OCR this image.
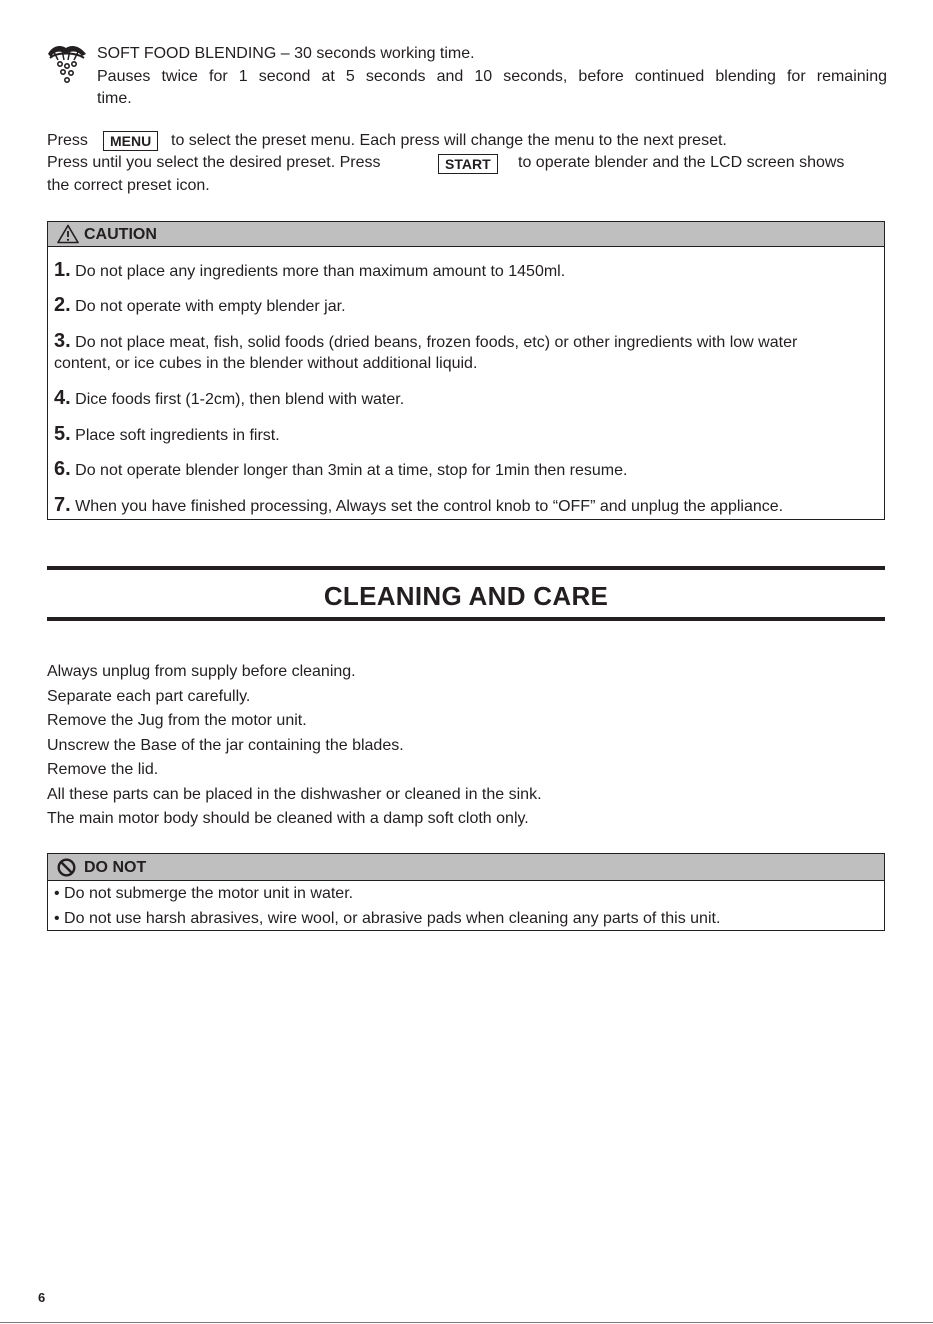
SOFT FOOD BLENDING – 30 seconds working time.
Pauses twice for 1 second at 5 seconds and 10 seconds, before continued blending for remaining
time.
Press	MENU	to select the preset menu. Each press will change the menu to the next preset.
Press until you select the desired preset. Press	START	to operate blender and the LCD screen shows
the correct preset icon.
CAUTION
1. Do not place any ingredients more than maximum amount to 1450ml.
2. Do not operate with empty blender jar.
3. Do not place meat, fish, solid foods (dried beans, frozen foods, etc) or other ingredients with low water
content, or ice cubes in the blender without additional liquid.
4. Dice foods first (1-2cm), then blend with water.
5. Place soft ingredients in first.
6. Do not operate blender longer than 3min at a time, stop for 1min then resume.
7. When you have finished processing, Always set the control knob to “OFF” and unplug the appliance.
CLEANING AND CARE
Always unplug from supply before cleaning.
Separate each part carefully.
Remove the Jug from the motor unit.
Unscrew the Base of the jar containing the blades.
Remove the lid.
All these parts can be placed in the dishwasher or cleaned in the sink.
The main motor body should be cleaned with a damp soft cloth only.
DO NOT
• Do not submerge the motor unit in water.
• Do not use harsh abrasives, wire wool, or abrasive pads when cleaning any parts of this unit.
6
